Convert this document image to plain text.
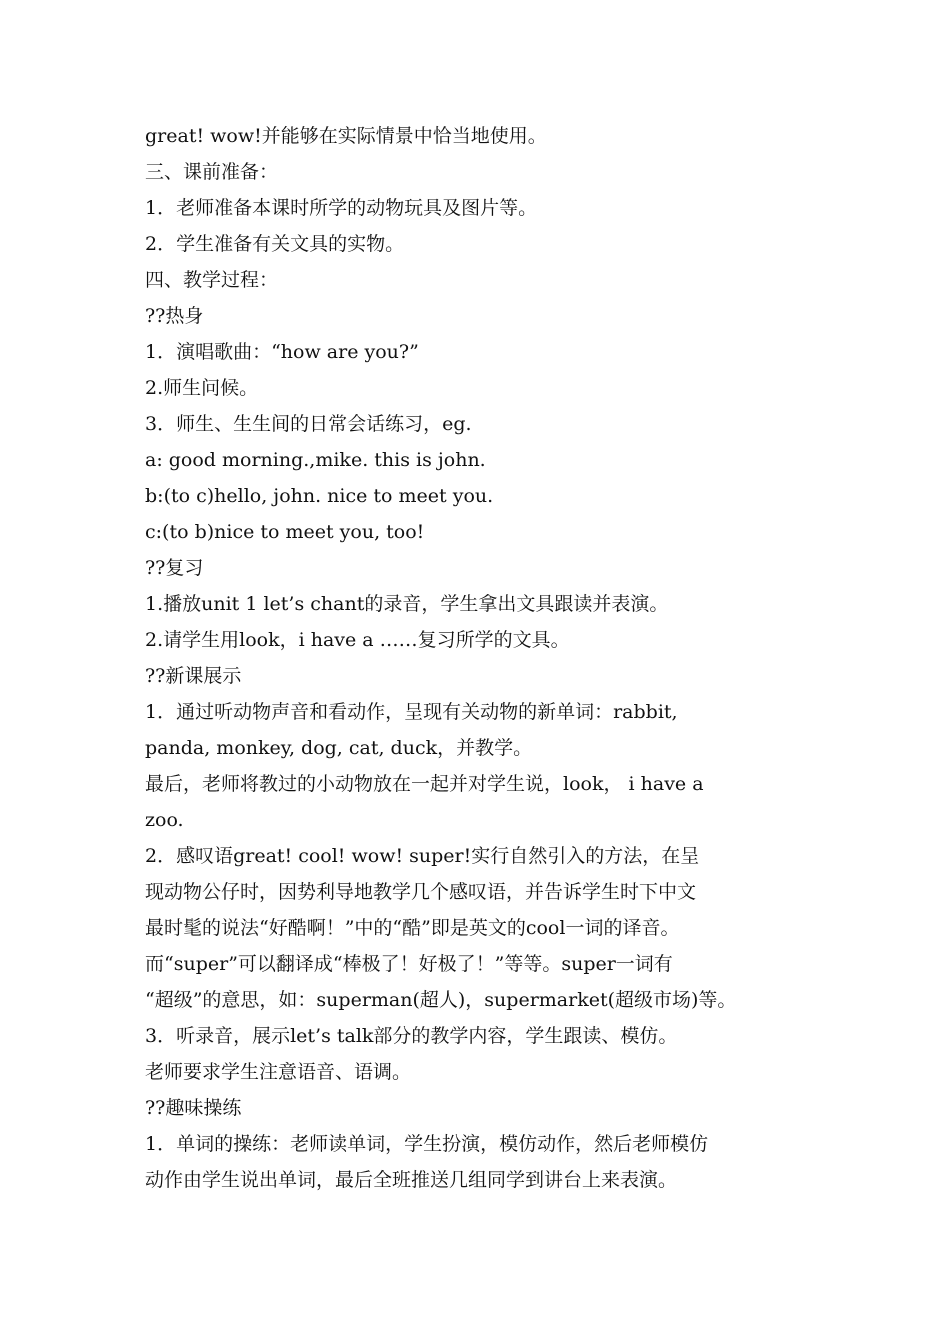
great! wow!并能够在实际情景中恰当地使用。
三、课前准备：
1．老师准备本课时所学的动物玩具及图片等。
2．学生准备有关文具的实物。
四、教学过程：
??热身
1．演唱歌曲：“how are you?”
2.师生问候。
3．师生、生生间的日常会话练习，eg.
a: good morning.,mike. this is john.
b:(to c)hello, john. nice to meet you.
c:(to b)nice to meet you, too!
??复习
1.播放unit 1 let’s chant的录音，学生拿出文具跟读并表演。
2.请学生用look，i have a ……复习所学的文具。
??新课展示
1．通过听动物声音和看动作，呈现有关动物的新单词：rabbit,
panda, monkey, dog, cat, duck，并教学。
最后，老师将教过的小动物放在一起并对学生说，look， i have a
zoo.
2．感叹语great! cool! wow! super!实行自然引入的方法，在呈
现动物公仔时，因势利导地教学几个感叹语，并告诉学生时下中文
最时髦的说法“好酷啊！”中的“酷”即是英文的cool一词的译音。
而“super”可以翻译成“棒极了！好极了！”等等。super一词有
“超级”的意思，如：superman(超人)，supermarket(超级市场)等。
3．听录音，展示let’s talk部分的教学内容，学生跟读、模仿。
老师要求学生注意语音、语调。
??趣味操练
1．单词的操练：老师读单词，学生扮演，模仿动作，然后老师模仿
动作由学生说出单词，最后全班推送几组同学到讲台上来表演。
